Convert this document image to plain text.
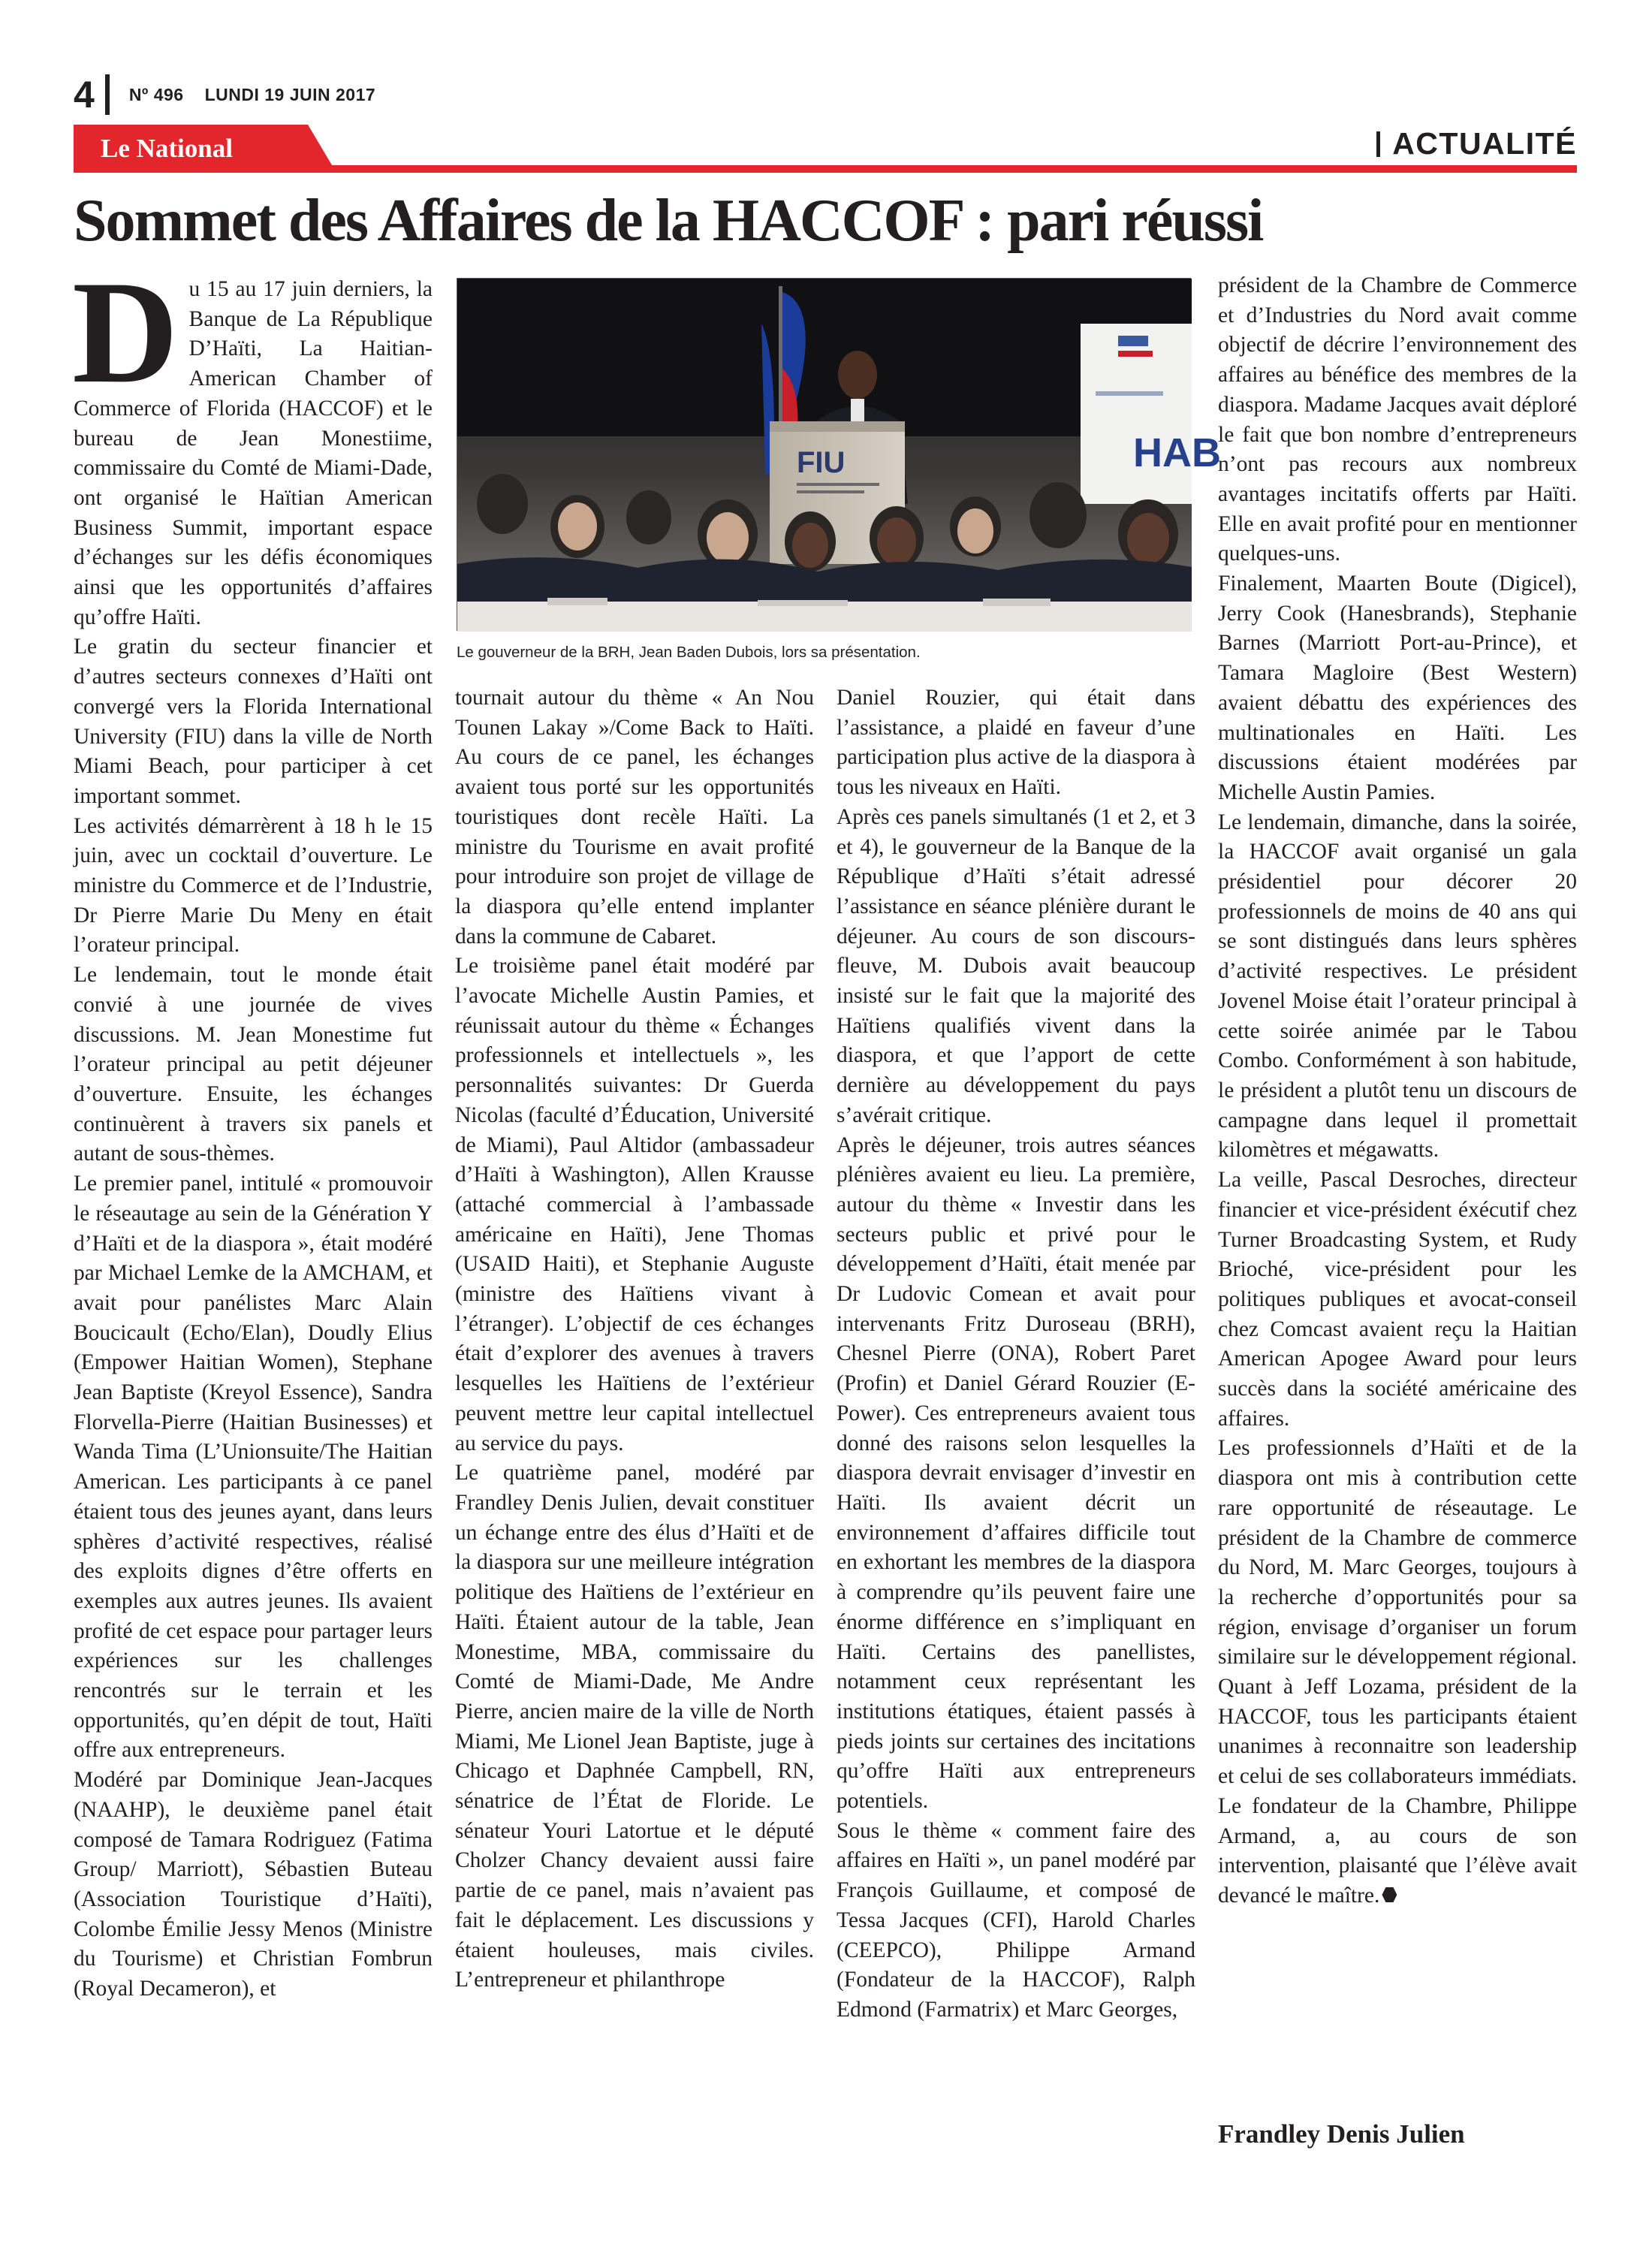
4 Nº 496 LUNDI 19 JUIN 2017
Le National	ACTUALITÉ
Sommet des Affaires de la HACCOF : pari réussi

Du 15 au 17 juin derniers, la Banque de La République D’Haïti, La Haitian-American Chamber of Commerce of Florida (HACCOF) et le bureau de Jean Monestiime, commissaire du Comté de Miami-Dade, ont organisé le Haïtian American Business Summit, important espace d’échanges sur les défis économiques ainsi que les opportunités d’affaires qu’offre Haïti.

Le gratin du secteur financier et d’autres secteurs connexes d’Haïti ont convergé vers la Florida International University (FIU) dans la ville de North Miami Beach, pour participer à cet important sommet.

Les activités démarrèrent à 18 h le 15 juin, avec un cocktail d’ouverture. Le ministre du Commerce et de l’Industrie, Dr Pierre Marie Du Meny en était l’orateur principal.

Le lendemain, tout le monde était convié à une journée de vives discussions. M. Jean Monestime fut l’orateur principal au petit déjeuner d’ouverture. Ensuite, les échanges continuèrent à travers six panels et autant de sous-thèmes.

Le premier panel, intitulé « promouvoir le réseautage au sein de la Génération Y d’Haïti et de la diaspora », était modéré par Michael Lemke de la AMCHAM, et avait pour panélistes Marc Alain Boucicault (Echo/Elan), Doudly Elius (Empower Haitian Women), Stephane Jean Baptiste (Kreyol Essence), Sandra Florvella-Pierre (Haitian Businesses) et Wanda Tima (L’Unionsuite/The Haitian American. Les participants à ce panel étaient tous des jeunes ayant, dans leurs sphères d’activité respectives, réalisé des exploits dignes d’être offerts en exemples aux autres jeunes. Ils avaient profité de cet espace pour partager leurs expériences sur les challenges rencontrés sur le terrain et les opportunités, qu’en dépit de tout, Haïti offre aux entrepreneurs.

Modéré par Dominique Jean-Jacques (NAAHP), le deuxième panel était composé de Tamara Rodriguez (Fatima Group/ Marriott), Sébastien Buteau (Association Touristique d’Haïti), Colombe Émilie Jessy Menos (Ministre du Tourisme) et Christian Fombrun (Royal Decameron), et

HAB
FIU
Le gouverneur de la BRH, Jean Baden Dubois, lors sa présentation.

tournait autour du thème « An Nou Tounen Lakay »/Come Back to Haïti. Au cours de ce panel, les échanges avaient tous porté sur les opportunités touristiques dont recèle Haïti. La ministre du Tourisme en avait profité pour introduire son projet de village de la diaspora qu’elle entend implanter dans la commune de Cabaret.

Le troisième panel était modéré par l’avocate Michelle Austin Pamies, et réunissait autour du thème « Échanges professionnels et intellectuels », les personnalités suivantes: Dr Guerda Nicolas (faculté d’Éducation, Université de Miami), Paul Altidor (ambassadeur d’Haïti à Washington), Allen Krausse (attaché commercial à l’ambassade américaine en Haïti), Jene Thomas (USAID Haiti), et Stephanie Auguste (ministre des Haïtiens vivant à l’étranger). L’objectif de ces échanges était d’explorer des avenues à travers lesquelles les Haïtiens de l’extérieur peuvent mettre leur capital intellectuel au service du pays.

Le quatrième panel, modéré par Frandley Denis Julien, devait constituer un échange entre des élus d’Haïti et de la diaspora sur une meilleure intégration politique des Haïtiens de l’extérieur en Haïti. Étaient autour de la table, Jean Monestime, MBA, commissaire du Comté de Miami-Dade, Me Andre Pierre, ancien maire de la ville de North Miami, Me Lionel Jean Baptiste, juge à Chicago et Daphnée Campbell, RN, sénatrice de l’État de Floride. Le sénateur Youri Latortue et le député Cholzer Chancy devaient aussi faire partie de ce panel, mais n’avaient pas fait le déplacement. Les discussions y étaient houleuses, mais civiles. L’entrepreneur et philanthrope

Daniel Rouzier, qui était dans l’assistance, a plaidé en faveur d’une participation plus active de la diaspora à tous les niveaux en Haïti.

Après ces panels simultanés (1 et 2, et 3 et 4), le gouverneur de la Banque de la République d’Haïti s’était adressé l’assistance en séance plénière durant le déjeuner. Au cours de son discours-fleuve, M. Dubois avait beaucoup insisté sur le fait que la majorité des Haïtiens qualifiés vivent dans la diaspora, et que l’apport de cette dernière au développement du pays s’avérait critique.

Après le déjeuner, trois autres séances plénières avaient eu lieu. La première, autour du thème « Investir dans les secteurs public et privé pour le développement d’Haïti, était menée par Dr Ludovic Comean et avait pour intervenants Fritz Duroseau (BRH), Chesnel Pierre (ONA), Robert Paret (Profin) et Daniel Gérard Rouzier (E-Power). Ces entrepreneurs avaient tous donné des raisons selon lesquelles la diaspora devrait envisager d’investir en Haïti. Ils avaient décrit un environnement d’affaires difficile tout en exhortant les membres de la diaspora à comprendre qu’ils peuvent faire une énorme différence en s’impliquant en Haïti. Certains des panellistes, notamment ceux représentant les institutions étatiques, étaient passés à pieds joints sur certaines des incitations qu’offre Haïti aux entrepreneurs potentiels.

Sous le thème « comment faire des affaires en Haïti », un panel modéré par François Guillaume, et composé de Tessa Jacques (CFI), Harold Charles (CEEPCO), Philippe Armand (Fondateur de la HACCOF), Ralph Edmond (Farmatrix) et Marc Georges,

président de la Chambre de Commerce et d’Industries du Nord avait comme objectif de décrire l’environnement des affaires au bénéfice des membres de la diaspora. Madame Jacques avait déploré le fait que bon nombre d’entrepreneurs n’ont pas recours aux nombreux avantages incitatifs offerts par Haïti. Elle en avait profité pour en mentionner quelques-uns.

Finalement, Maarten Boute (Digicel), Jerry Cook (Hanesbrands), Stephanie Barnes (Marriott Port-au-Prince), et Tamara Magloire (Best Western) avaient débattu des expériences des multinationales en Haïti. Les discussions étaient modérées par Michelle Austin Pamies.

Le lendemain, dimanche, dans la soirée, la HACCOF avait organisé un gala présidentiel pour décorer 20 professionnels de moins de 40 ans qui se sont distingués dans leurs sphères d’activité respectives. Le président Jovenel Moise était l’orateur principal à cette soirée animée par le Tabou Combo. Conformément à son habitude, le président a plutôt tenu un discours de campagne dans lequel il promettait kilomètres et mégawatts.

La veille, Pascal Desroches, directeur financier et vice-président éxécutif chez Turner Broadcasting System, et Rudy Brioché, vice-président pour les politiques publiques et avocat-conseil chez Comcast avaient reçu la Haitian American Apogee Award pour leurs succès dans la société américaine des affaires.

Les professionnels d’Haïti et de la diaspora ont mis à contribution cette rare opportunité de réseautage. Le président de la Chambre de commerce du Nord, M. Marc Georges, toujours à la recherche d’opportunités pour sa région, envisage d’organiser un forum similaire sur le développement régional. Quant à Jeff Lozama, président de la HACCOF, tous les participants étaient unanimes à reconnaitre son leadership et celui de ses collaborateurs immédiats. Le fondateur de la Chambre, Philippe Armand, a, au cours de son intervention, plaisanté que l’élève avait devancé le maître.

Frandley Denis Julien
